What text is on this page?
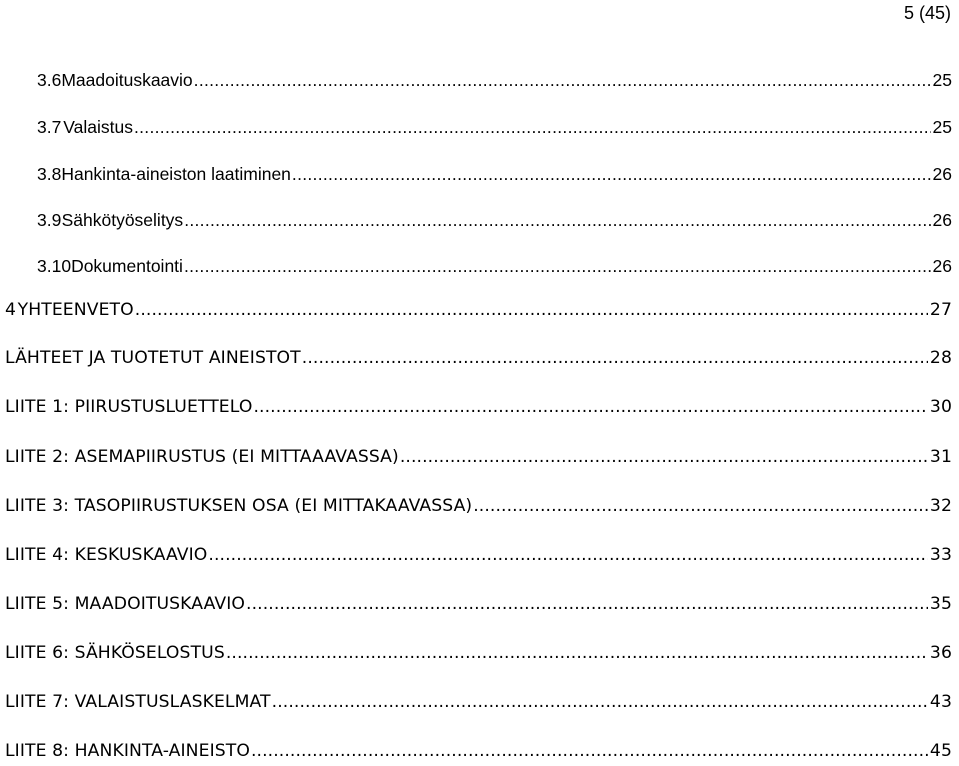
5 (45)
3.6 Maadoituskaavio .....	25
3.7 Valaistus .....	25
3.8 Hankinta-aineiston laatiminen .....	26
3.9 Sähkötyöselitys .....	26
3.10 Dokumentointi .....	26
4 YHTEENVETO .....	27
LÄHTEET JA TUOTETUT AINEISTOT .....	28
LIITE 1: PIIRUSTUSLUETTELO .....	30
LIITE 2: ASEMAPIIRUSTUS (EI MITTAAAVASSA) .....	31
LIITE 3: TASOPIIRUSTUKSEN OSA (EI MITTAKAAVASSA) .....	32
LIITE 4: KESKUSKAAVIO .....	33
LIITE 5: MAADOITUSKAAVIO .....	35
LIITE 6: SÄHKÖSELOSTUS .....	36
LIITE 7: VALAISTUSLASKELMAT .....	43
LIITE 8: HANKINTA-AINEISTO .....	45
